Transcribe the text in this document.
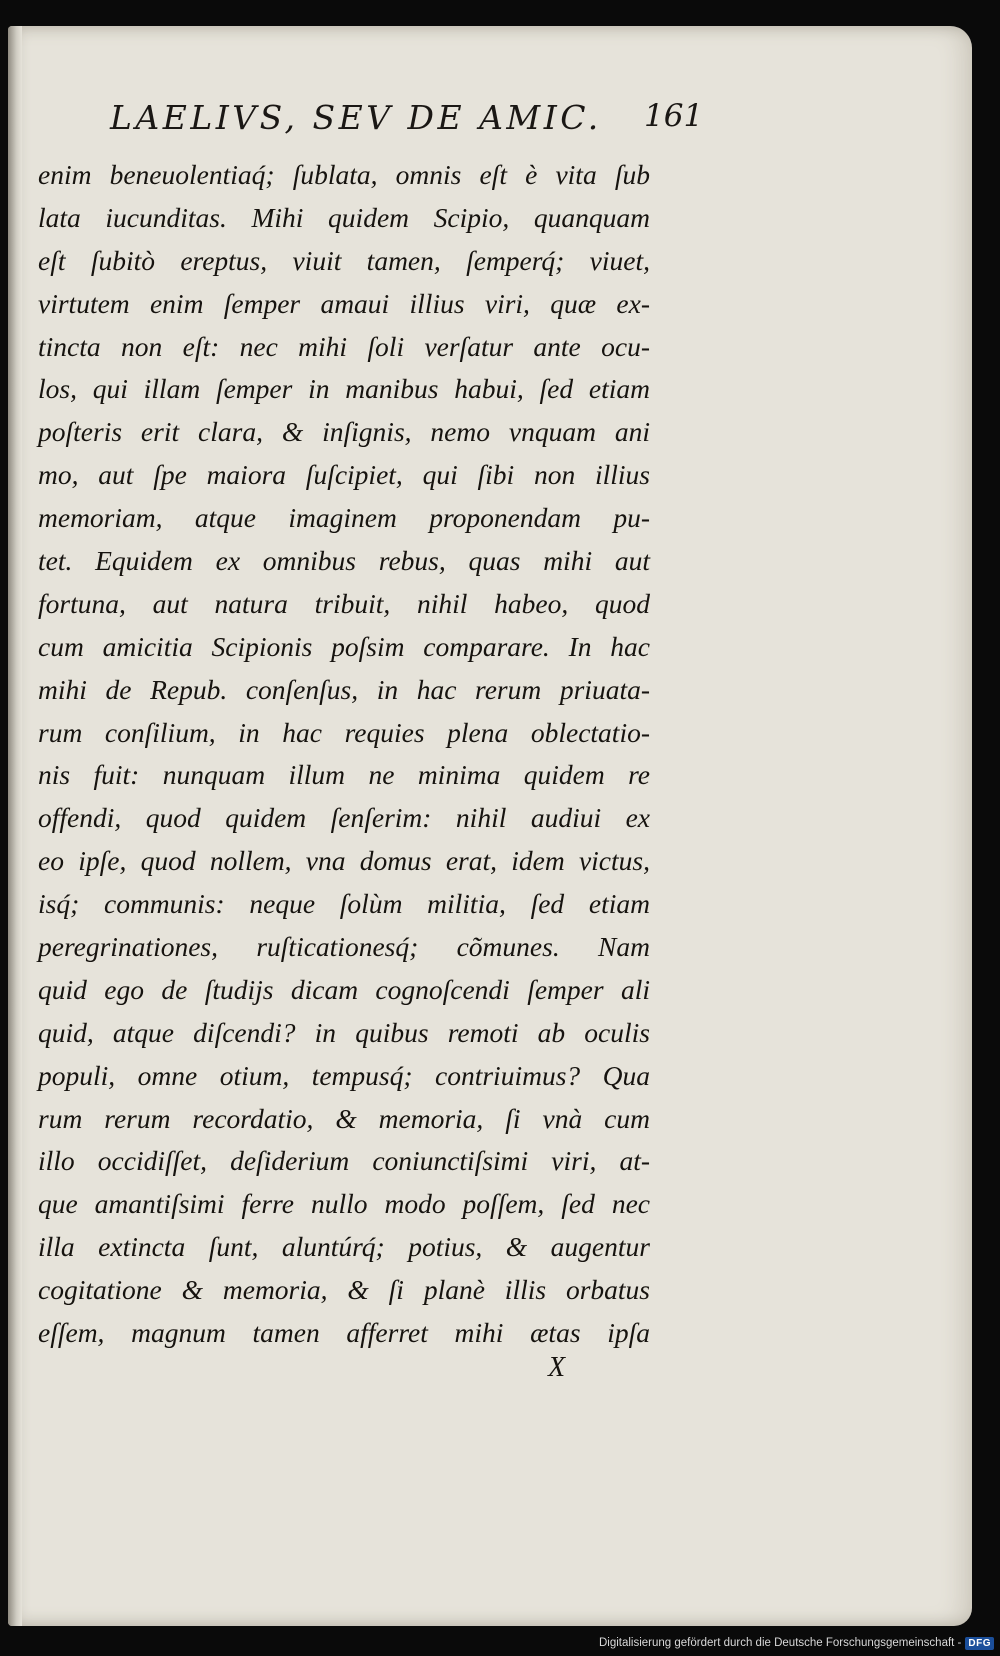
LAELIVS, SEV DE AMIC. 161
enim beneuolentiaq́; ſublata, omnis eſt è vita ſub
lata iucunditas. Mihi quidem Scipio, quanquam
eſt ſubitò ereptus, viuit tamen, ſemperq́; viuet,
virtutem enim ſemper amaui illius viri, quæ ex-
tincta non eſt: nec mihi ſoli verſatur ante ocu-
los, qui illam ſemper in manibus habui, ſed etiam
poſteris erit clara, & inſignis, nemo vnquam ani
mo, aut ſpe maiora ſuſcipiet, qui ſibi non illius
memoriam, atque imaginem proponendam pu-
tet. Equidem ex omnibus rebus, quas mihi aut
fortuna, aut natura tribuit, nihil habeo, quod
cum amicitia Scipionis poſsim comparare. In hac
mihi de Repub. conſenſus, in hac rerum priuata-
rum conſilium, in hac requies plena oblectatio-
nis fuit: nunquam illum ne minima quidem re
offendi, quod quidem ſenſerim: nihil audiui ex
eo ipſe, quod nollem, vna domus erat, idem victus,
isq́; communis: neque ſolùm militia, ſed etiam
peregrinationes, ruſticationesq́; cõmunes. Nam
quid ego de ſtudijs dicam cognoſcendi ſemper ali
quid, atque diſcendi? in quibus remoti ab oculis
populi, omne otium, tempusq́; contriuimus? Qua
rum rerum recordatio, & memoria, ſi vnà cum
illo occidiſſet, deſiderium coniunctiſsimi viri, at-
que amantiſsimi ferre nullo modo poſſem, ſed nec
illa extincta ſunt, aluntúrq́; potius, & augentur
cogitatione & memoria, & ſi planè illis orbatus
eſſem, magnum tamen afferret mihi ætas ipſa
X
Digitalisierung gefördert durch die Deutsche Forschungsgemeinschaft - DFG
